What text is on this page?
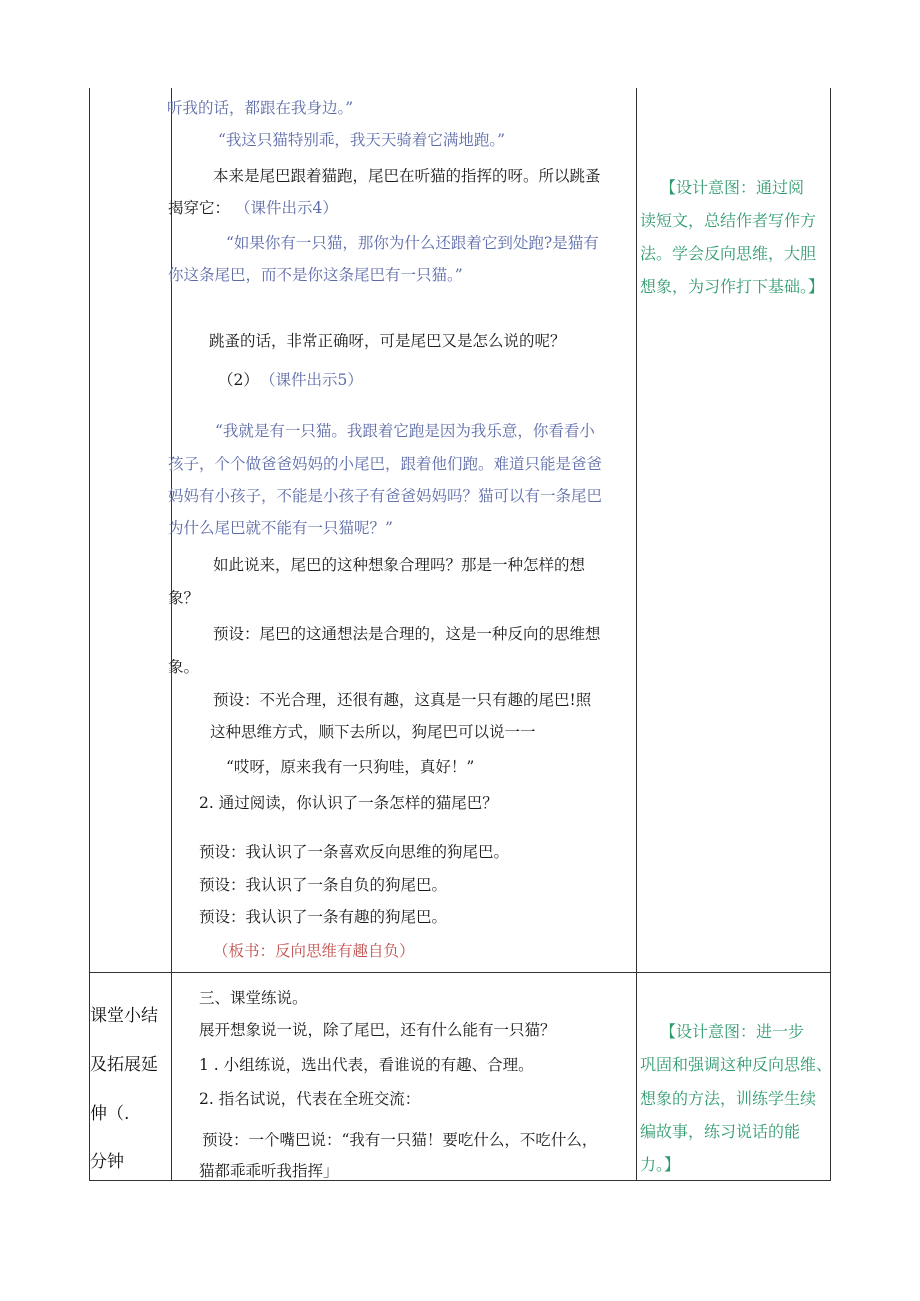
听我的话，都跟在我身边。”
“我这只猫特别乖，我天天骑着它满地跑。”
本来是尾巴跟着猫跑，尾巴在听猫的指挥的呀。所以跳蚤
揭穿它： （课件出示4）
“如果你有一只猫，那你为什么还跟着它到处跑?是猫有
你这条尾巴，而不是你这条尾巴有一只猫。”
跳蚤的话，非常正确呀，可是尾巴又是怎么说的呢？
（2） （课件出示5）
“我就是有一只猫。我跟着它跑是因为我乐意，你看看小
孩子，个个做爸爸妈妈的小尾巴，跟着他们跑。难道只能是爸爸
妈妈有小孩子，不能是小孩子有爸爸妈妈吗？猫可以有一条尾巴
为什么尾巴就不能有一只猫呢？”
如此说来，尾巴的这种想象合理吗？那是一种怎样的想
象？
预设：尾巴的这通想法是合理的，这是一种反向的思维想
象。
预设：不光合理，还很有趣，这真是一只有趣的尾巴!照
这种思维方式，顺下去所以，狗尾巴可以说一一
“哎呀，原来我有一只狗哇，真好！”
2. 通过阅读，你认识了一条怎样的猫尾巴？
预设：我认识了一条喜欢反向思维的狗尾巴。
预设：我认识了一条自负的狗尾巴。
预设：我认识了一条有趣的狗尾巴。
（板书：反向思维有趣自负）
【设计意图：通过阅
读短文，总结作者写作方
法。学会反向思维，大胆
想象，为习作打下基础。】
课堂小结
及拓展延
伸（.
分钟
三、课堂练说。
展开想象说一说，除了尾巴，还有什么能有一只猫？
1 . 小组练说，选出代表，看谁说的有趣、合理。
2. 指名试说，代表在全班交流：
预设：一个嘴巴说：“我有一只猫！要吃什么，不吃什么，
猫都乖乖听我指挥」
【设计意图：进一步
巩固和强调这种反向思维、
想象的方法，训练学生续
编故事，练习说话的能
力。】
